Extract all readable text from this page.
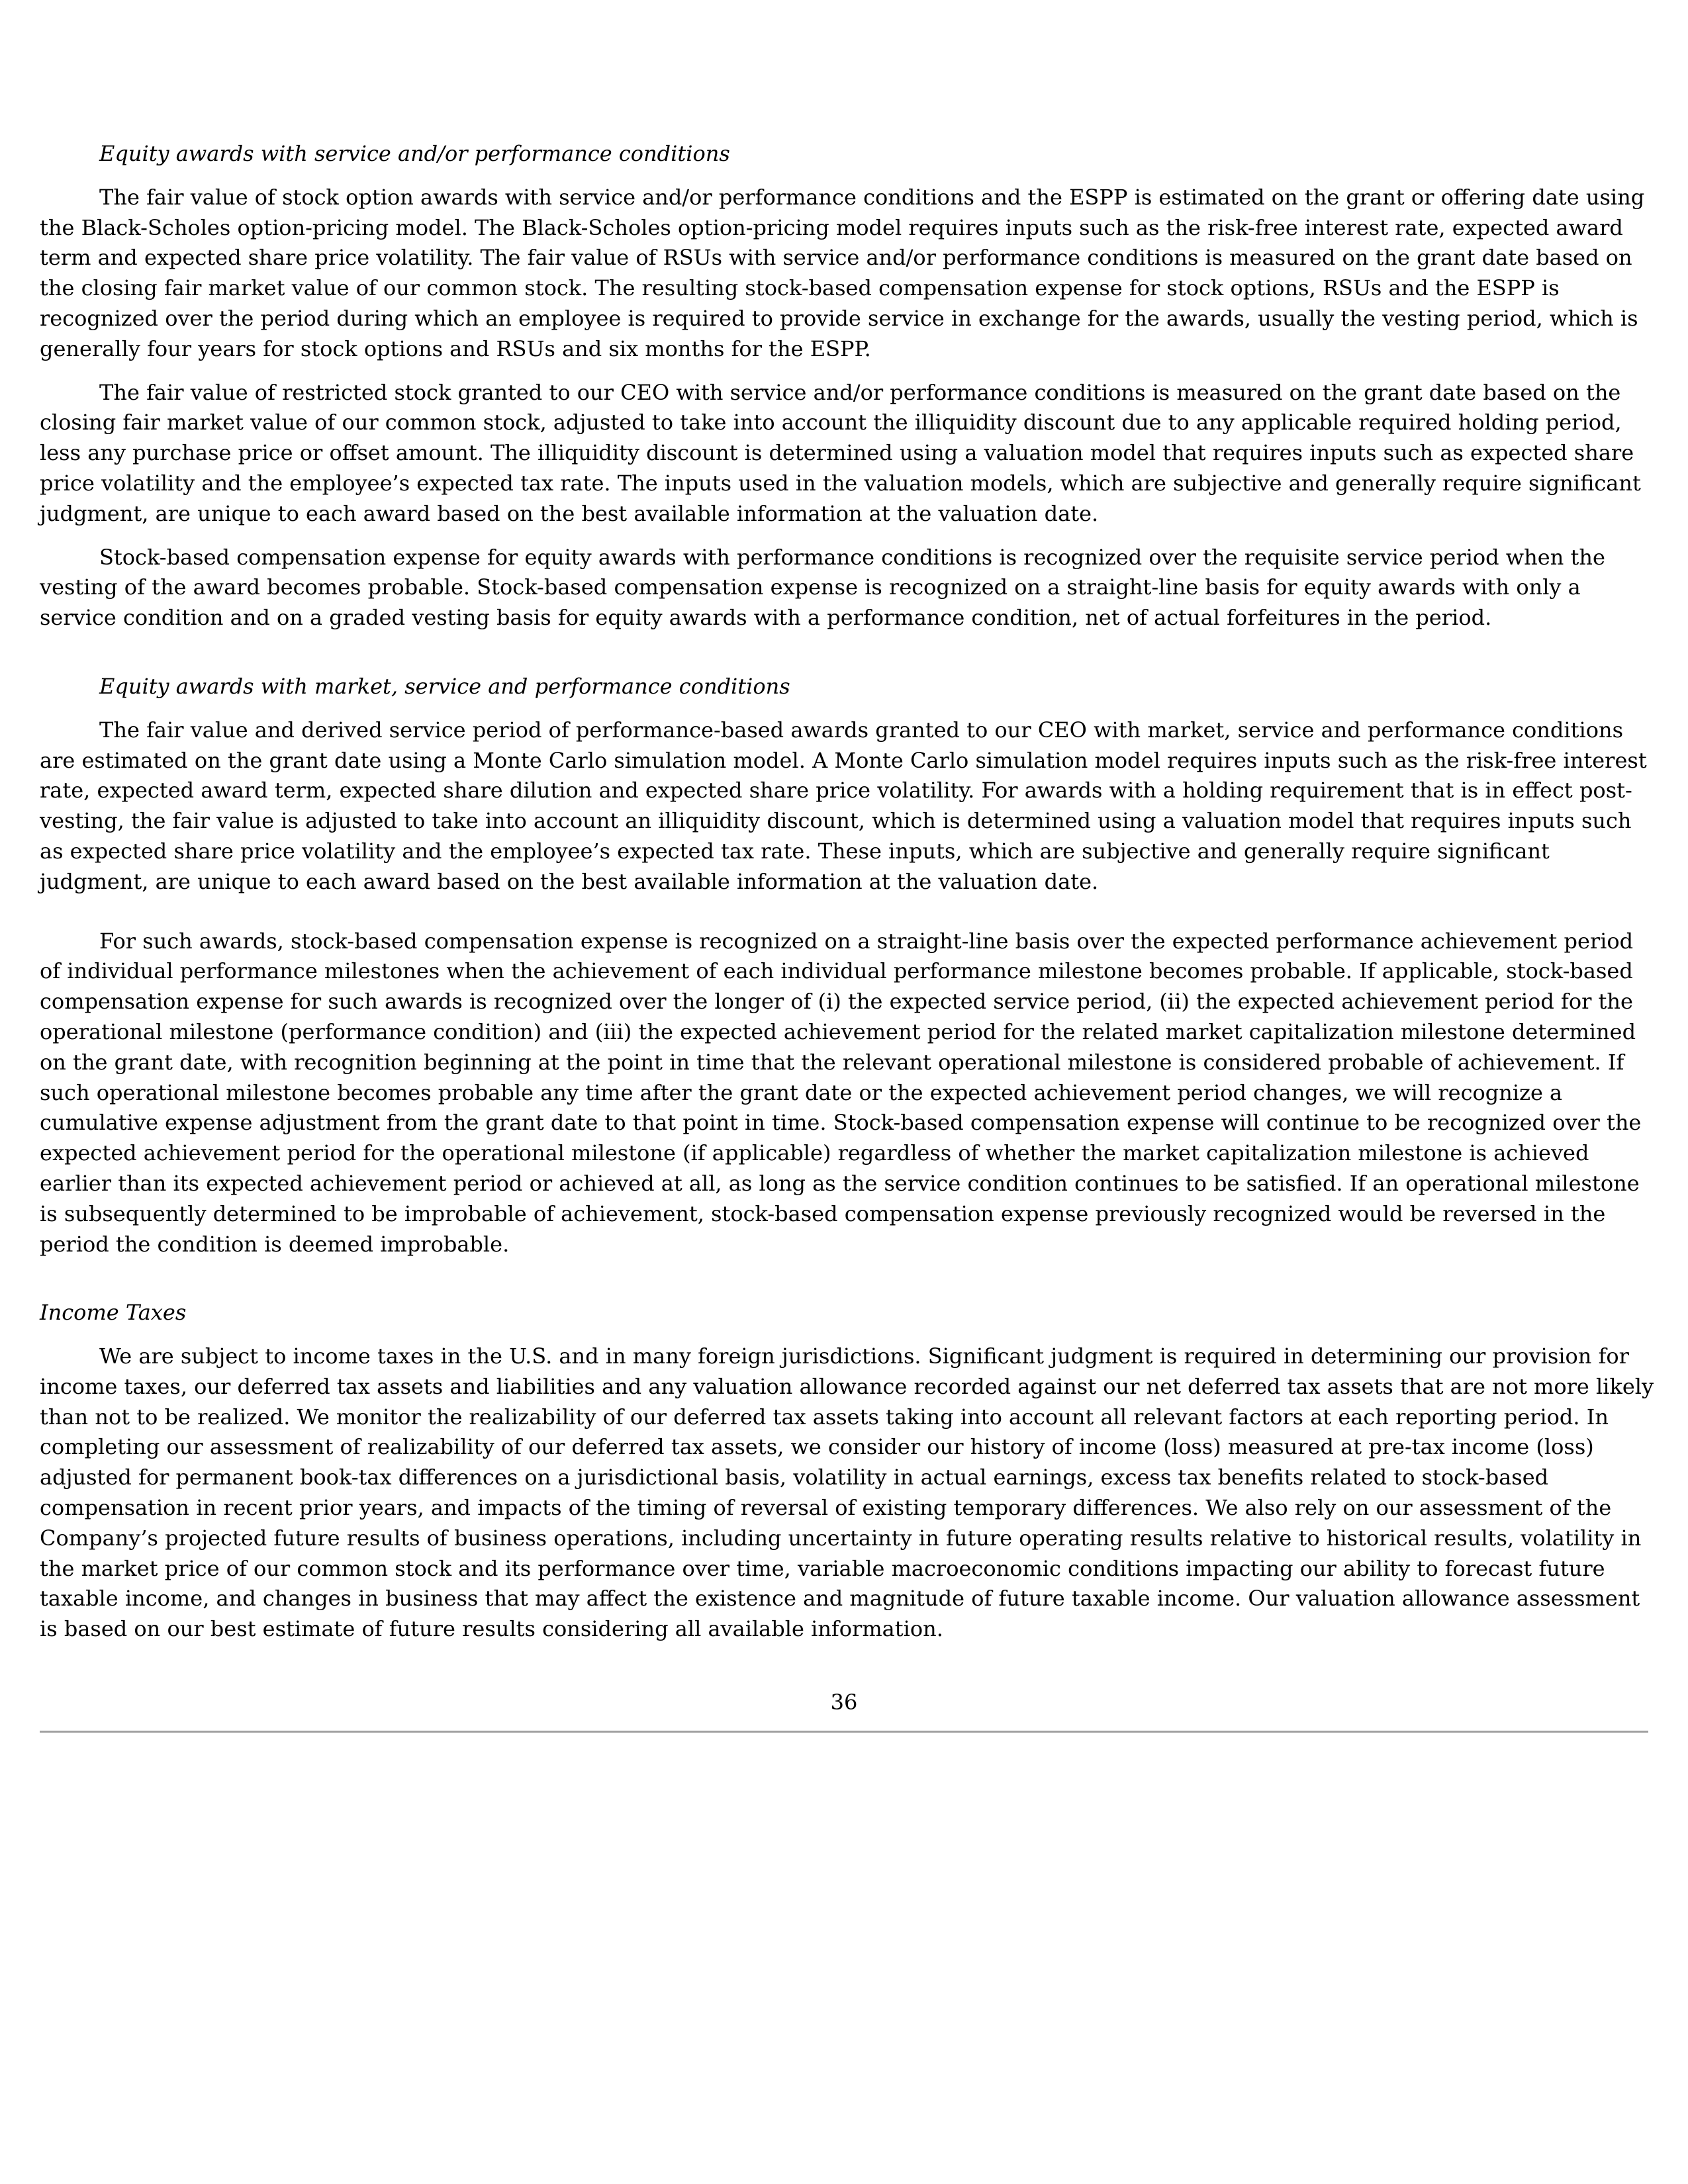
Equity awards with service and/or performance conditions

The fair value of stock option awards with service and/or performance conditions and the ESPP is estimated on the grant or offering date using the Black-Scholes option-pricing model. The Black-Scholes option-pricing model requires inputs such as the risk-free interest rate, expected award term and expected share price volatility. The fair value of RSUs with service and/or performance conditions is measured on the grant date based on the closing fair market value of our common stock. The resulting stock-based compensation expense for stock options, RSUs and the ESPP is recognized over the period during which an employee is required to provide service in exchange for the awards, usually the vesting period, which is generally four years for stock options and RSUs and six months for the ESPP.

The fair value of restricted stock granted to our CEO with service and/or performance conditions is measured on the grant date based on the closing fair market value of our common stock, adjusted to take into account the illiquidity discount due to any applicable required holding period, less any purchase price or offset amount. The illiquidity discount is determined using a valuation model that requires inputs such as expected share price volatility and the employee’s expected tax rate. The inputs used in the valuation models, which are subjective and generally require significant judgment, are unique to each award based on the best available information at the valuation date.

Stock-based compensation expense for equity awards with performance conditions is recognized over the requisite service period when the vesting of the award becomes probable. Stock-based compensation expense is recognized on a straight-line basis for equity awards with only a service condition and on a graded vesting basis for equity awards with a performance condition, net of actual forfeitures in the period.

Equity awards with market, service and performance conditions

The fair value and derived service period of performance-based awards granted to our CEO with market, service and performance conditions are estimated on the grant date using a Monte Carlo simulation model. A Monte Carlo simulation model requires inputs such as the risk-free interest rate, expected award term, expected share dilution and expected share price volatility. For awards with a holding requirement that is in effect post-vesting, the fair value is adjusted to take into account an illiquidity discount, which is determined using a valuation model that requires inputs such as expected share price volatility and the employee’s expected tax rate. These inputs, which are subjective and generally require significant judgment, are unique to each award based on the best available information at the valuation date.

For such awards, stock-based compensation expense is recognized on a straight-line basis over the expected performance achievement period of individual performance milestones when the achievement of each individual performance milestone becomes probable. If applicable, stock-based compensation expense for such awards is recognized over the longer of (i) the expected service period, (ii) the expected achievement period for the operational milestone (performance condition) and (iii) the expected achievement period for the related market capitalization milestone determined on the grant date, with recognition beginning at the point in time that the relevant operational milestone is considered probable of achievement. If such operational milestone becomes probable any time after the grant date or the expected achievement period changes, we will recognize a cumulative expense adjustment from the grant date to that point in time. Stock-based compensation expense will continue to be recognized over the expected achievement period for the operational milestone (if applicable) regardless of whether the market capitalization milestone is achieved earlier than its expected achievement period or achieved at all, as long as the service condition continues to be satisfied. If an operational milestone is subsequently determined to be improbable of achievement, stock-based compensation expense previously recognized would be reversed in the period the condition is deemed improbable.

Income Taxes

We are subject to income taxes in the U.S. and in many foreign jurisdictions. Significant judgment is required in determining our provision for income taxes, our deferred tax assets and liabilities and any valuation allowance recorded against our net deferred tax assets that are not more likely than not to be realized. We monitor the realizability of our deferred tax assets taking into account all relevant factors at each reporting period. In completing our assessment of realizability of our deferred tax assets, we consider our history of income (loss) measured at pre-tax income (loss) adjusted for permanent book-tax differences on a jurisdictional basis, volatility in actual earnings, excess tax benefits related to stock-based compensation in recent prior years, and impacts of the timing of reversal of existing temporary differences. We also rely on our assessment of the Company’s projected future results of business operations, including uncertainty in future operating results relative to historical results, volatility in the market price of our common stock and its performance over time, variable macroeconomic conditions impacting our ability to forecast future taxable income, and changes in business that may affect the existence and magnitude of future taxable income. Our valuation allowance assessment is based on our best estimate of future results considering all available information.

36
